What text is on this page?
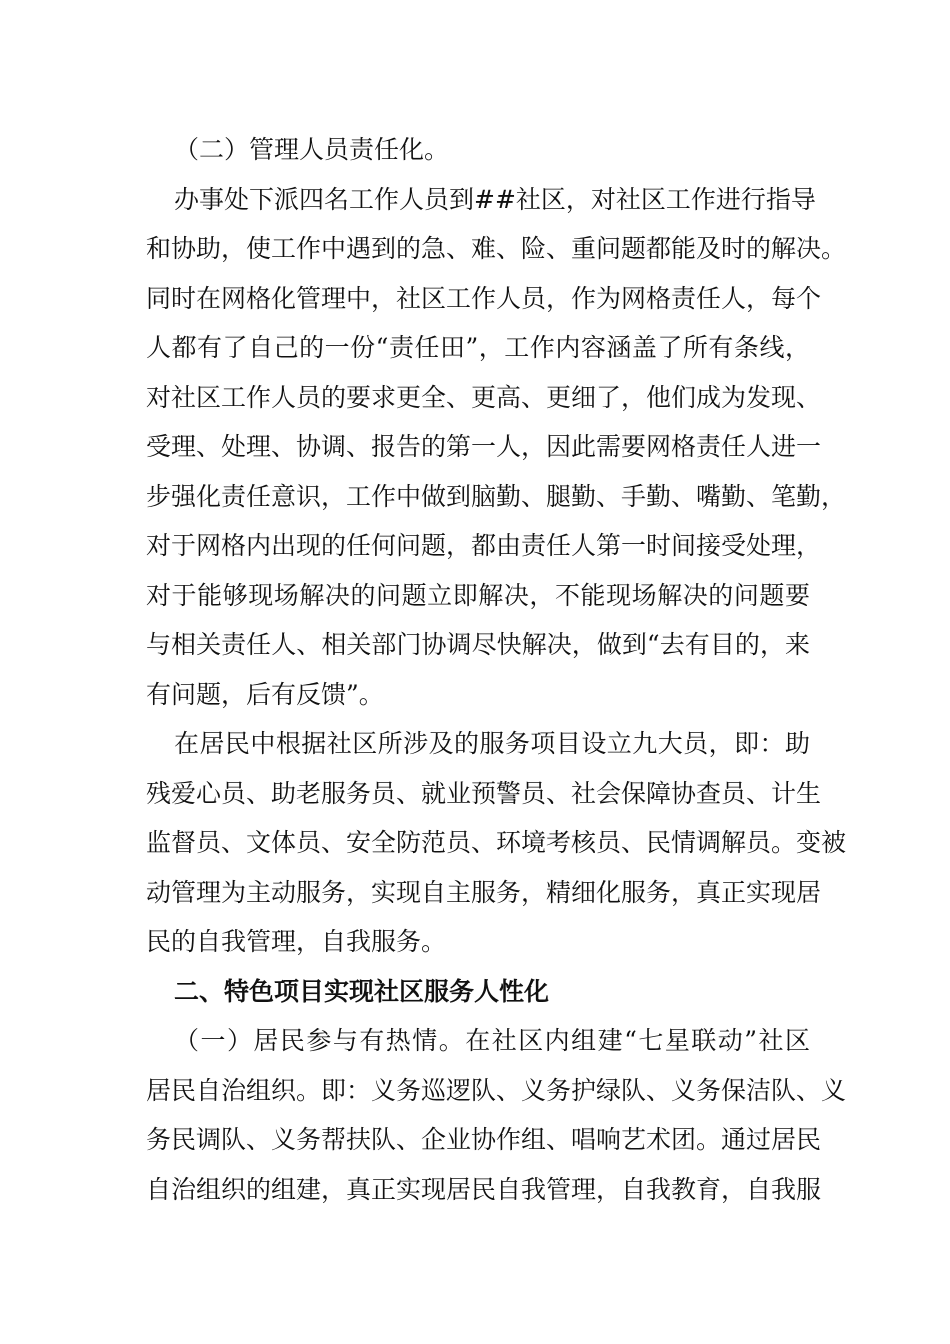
（二）管理人员责任化。
办事处下派四名工作人员到##社区，对社区工作进行指导
和协助，使工作中遇到的急、难、险、重问题都能及时的解决。
同时在网格化管理中，社区工作人员，作为网格责任人，每个
人都有了自己的一份“责任田”，工作内容涵盖了所有条线，
对社区工作人员的要求更全、更高、更细了，他们成为发现、
受理、处理、协调、报告的第一人，因此需要网格责任人进一
步强化责任意识，工作中做到脑勤、腿勤、手勤、嘴勤、笔勤，
对于网格内出现的任何问题，都由责任人第一时间接受处理，
对于能够现场解决的问题立即解决，不能现场解决的问题要
与相关责任人、相关部门协调尽快解决，做到“去有目的，来
有问题，后有反馈”。
在居民中根据社区所涉及的服务项目设立九大员，即：助
残爱心员、助老服务员、就业预警员、社会保障协查员、计生
监督员、文体员、安全防范员、环境考核员、民情调解员。变被
动管理为主动服务，实现自主服务，精细化服务，真正实现居
民的自我管理，自我服务。
二、特色项目实现社区服务人性化
（一）居民参与有热情。在社区内组建“七星联动”社区
居民自治组织。即：义务巡逻队、义务护绿队、义务保洁队、义
务民调队、义务帮扶队、企业协作组、唱响艺术团。通过居民
自治组织的组建，真正实现居民自我管理，自我教育，自我服
